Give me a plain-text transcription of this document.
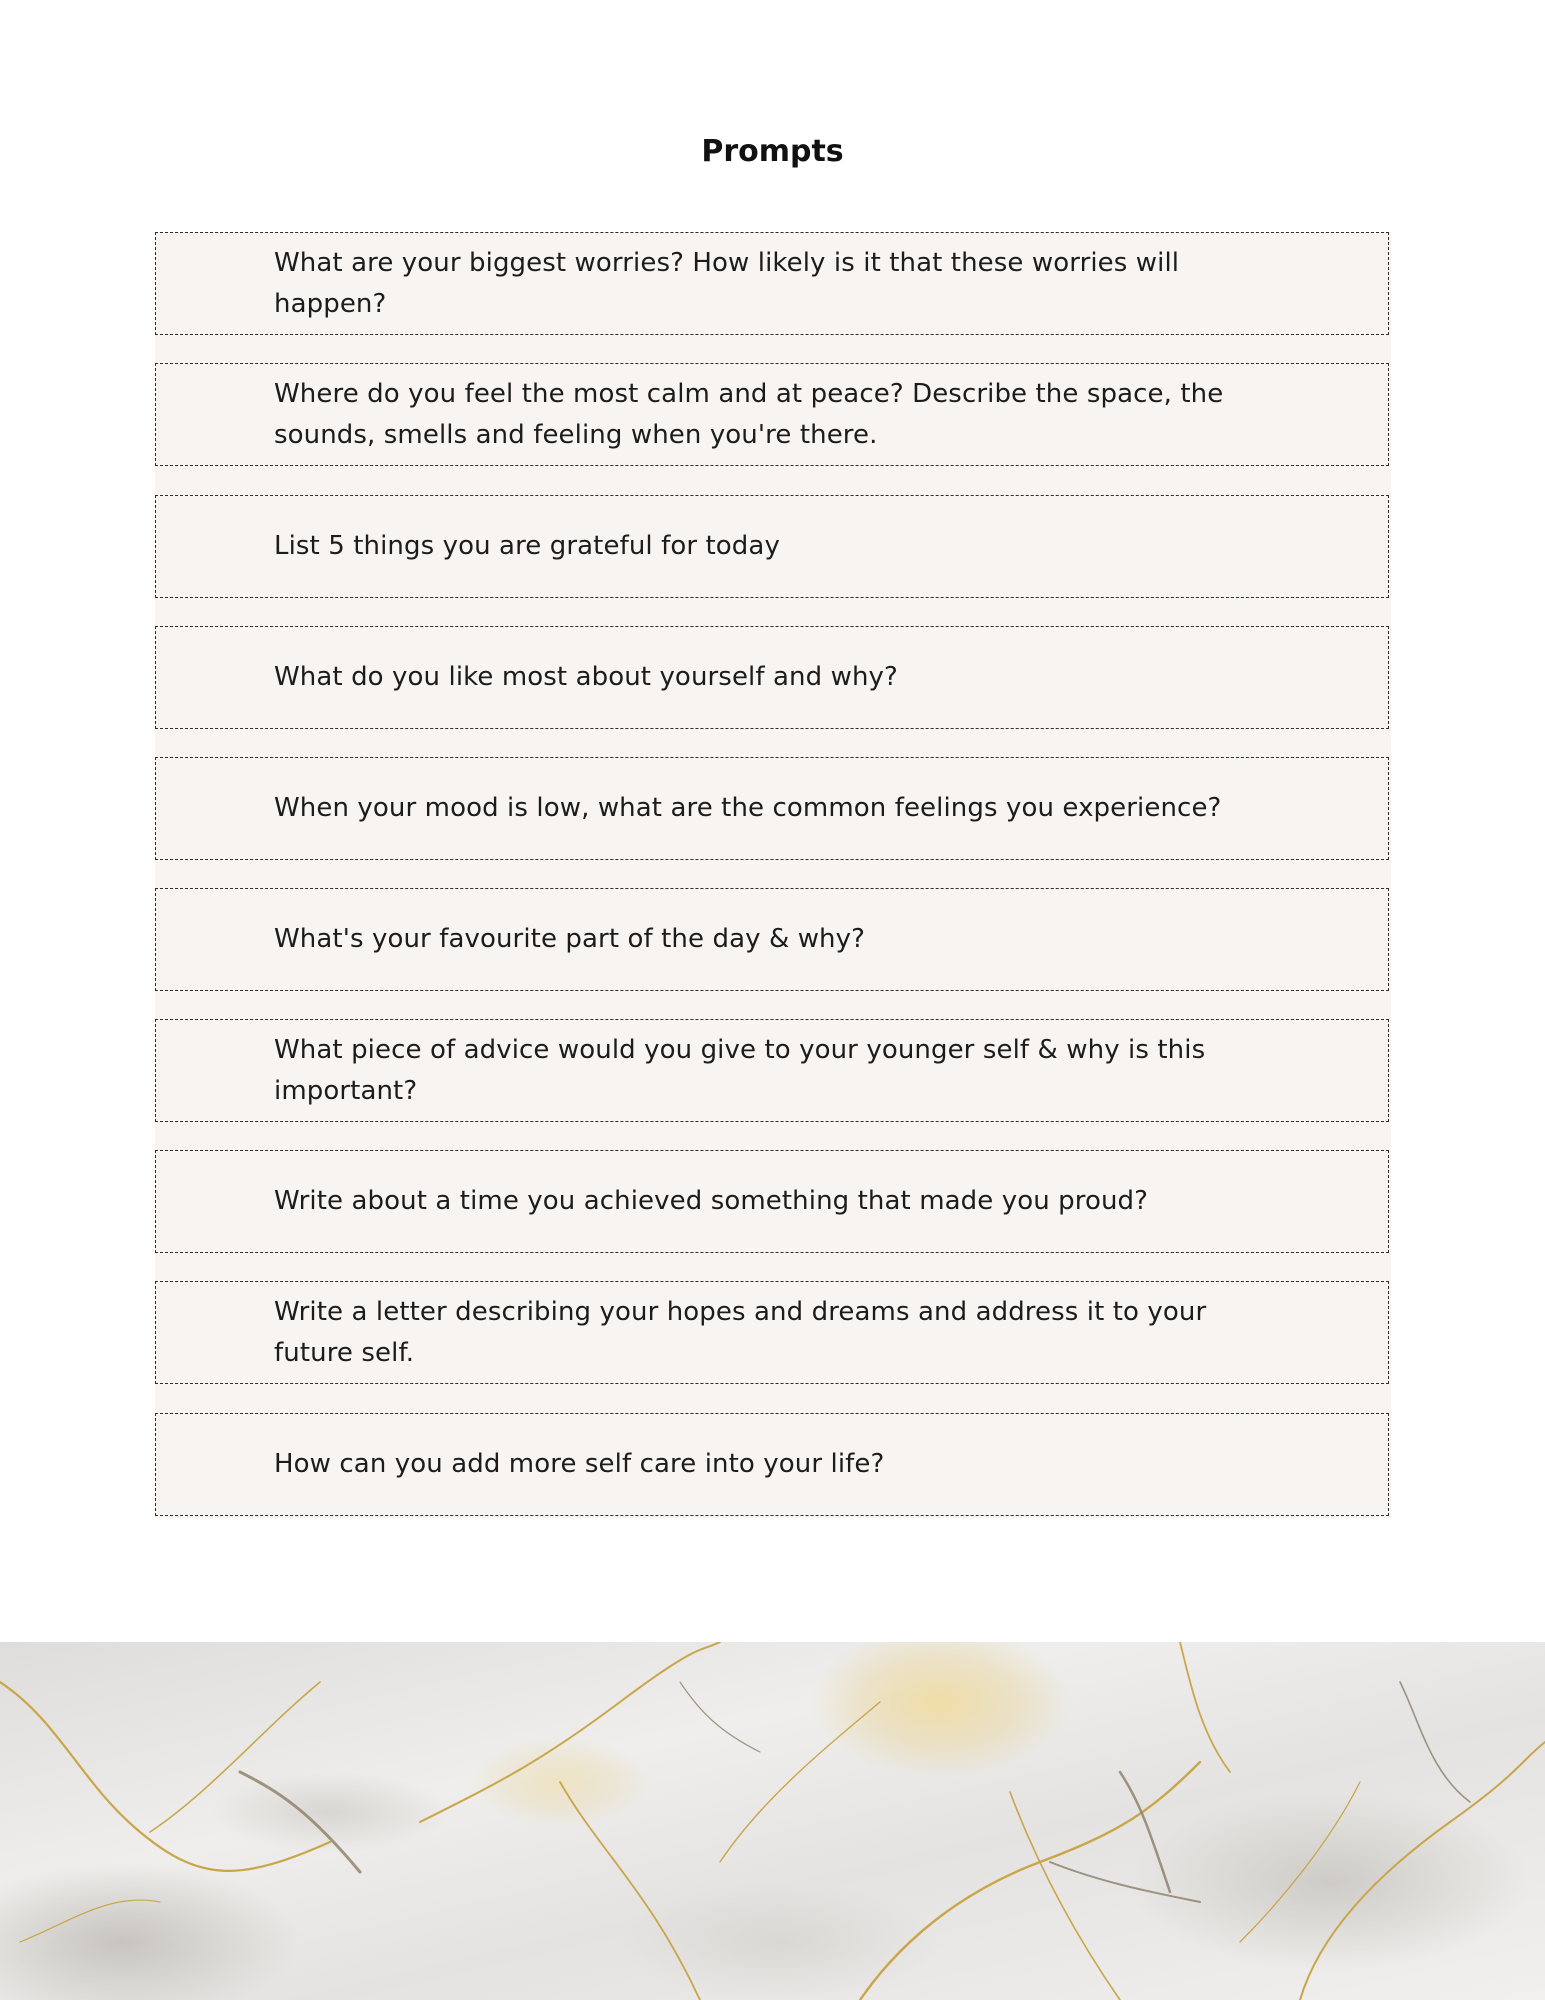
Prompts
What are your biggest worries? How likely is it that these worries will happen?
Where do you feel the most calm and at peace? Describe the space, the sounds, smells and feeling when you're there.
List 5 things you are grateful for today
What do you like most about yourself and why?
When your mood is low, what are the common feelings you experience?
What's your favourite part of the day & why?
What piece of advice would you give to your younger self & why is this important?
Write about a time you achieved something that made you proud?
Write a letter describing your hopes and dreams and address it to your future self.
How can you add more self care into your life?
